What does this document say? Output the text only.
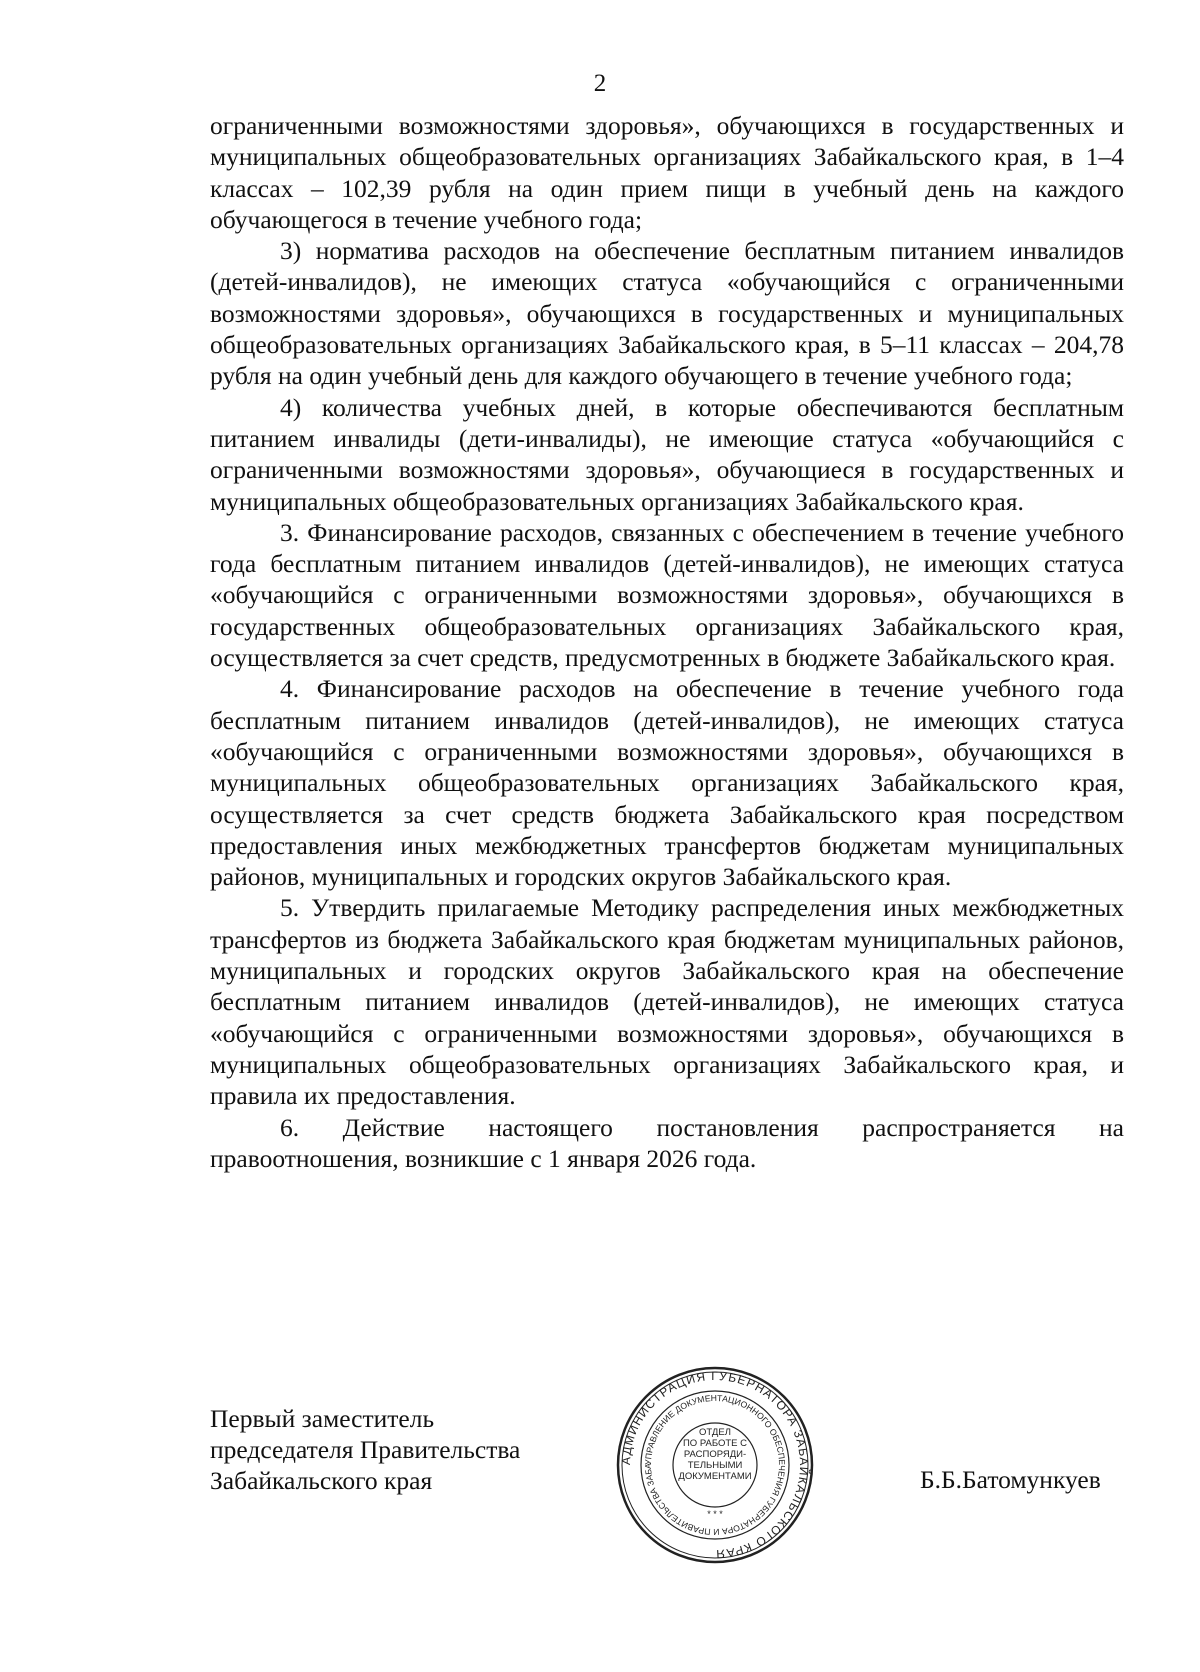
2

ограниченными возможностями здоровья», обучающихся в государственных и муниципальных общеобразовательных организациях Забайкальского края, в 1–4 классах – 102,39 рубля на один прием пищи в учебный день на каждого обучающегося в течение учебного года;

3) норматива расходов на обеспечение бесплатным питанием инвалидов (детей-инвалидов), не имеющих статуса «обучающийся с ограниченными возможностями здоровья», обучающихся в государственных и муниципальных общеобразовательных организациях Забайкальского края, в 5–11 классах – 204,78 рубля на один учебный день для каждого обучающего в течение учебного года;

4) количества учебных дней, в которые обеспечиваются бесплатным питанием инвалиды (дети-инвалиды), не имеющие статуса «обучающийся с ограниченными возможностями здоровья», обучающиеся в государственных и муниципальных общеобразовательных организациях Забайкальского края.

3. Финансирование расходов, связанных с обеспечением в течение учебного года бесплатным питанием инвалидов (детей-инвалидов), не имеющих статуса «обучающийся с ограниченными возможностями здоровья», обучающихся в государственных общеобразовательных организациях Забайкальского края, осуществляется за счет средств, предусмотренных в бюджете Забайкальского края.

4. Финансирование расходов на обеспечение в течение учебного года бесплатным питанием инвалидов (детей-инвалидов), не имеющих статуса «обучающийся с ограниченными возможностями здоровья», обучающихся в муниципальных общеобразовательных организациях Забайкальского края, осуществляется за счет средств бюджета Забайкальского края посредством предоставления иных межбюджетных трансфертов бюджетам муниципальных районов, муниципальных и городских округов Забайкальского края.

5. Утвердить прилагаемые Методику распределения иных межбюджетных трансфертов из бюджета Забайкальского края бюджетам муниципальных районов, муниципальных и городских округов Забайкальского края на обеспечение бесплатным питанием инвалидов (детей-инвалидов), не имеющих статуса «обучающийся с ограниченными возможностями здоровья», обучающихся в муниципальных общеобразовательных организациях Забайкальского края, и правила их предоставления.

6. Действие настоящего постановления распространяется на правоотношения, возникшие с 1 января 2026 года.

Первый заместитель
председателя Правительства
Забайкальского края
АДМИНИСТРАЦИЯ ГУБЕРНАТОРА ЗАБАЙКАЛЬСКОГО КРАЯ
УПРАВЛЕНИЕ ДОКУМЕНТАЦИОННОГО ОБЕСПЕЧЕНИЯ ГУБЕРНАТОРА И ПРАВИТЕЛЬСТВА ЗАБА
* * *
ОТДЕЛ
ПО РАБОТЕ С
РАСПОРЯДИ-
ТЕЛЬНЫМИ
ДОКУМЕНТАМИ	Б.Б.Батомункуев
